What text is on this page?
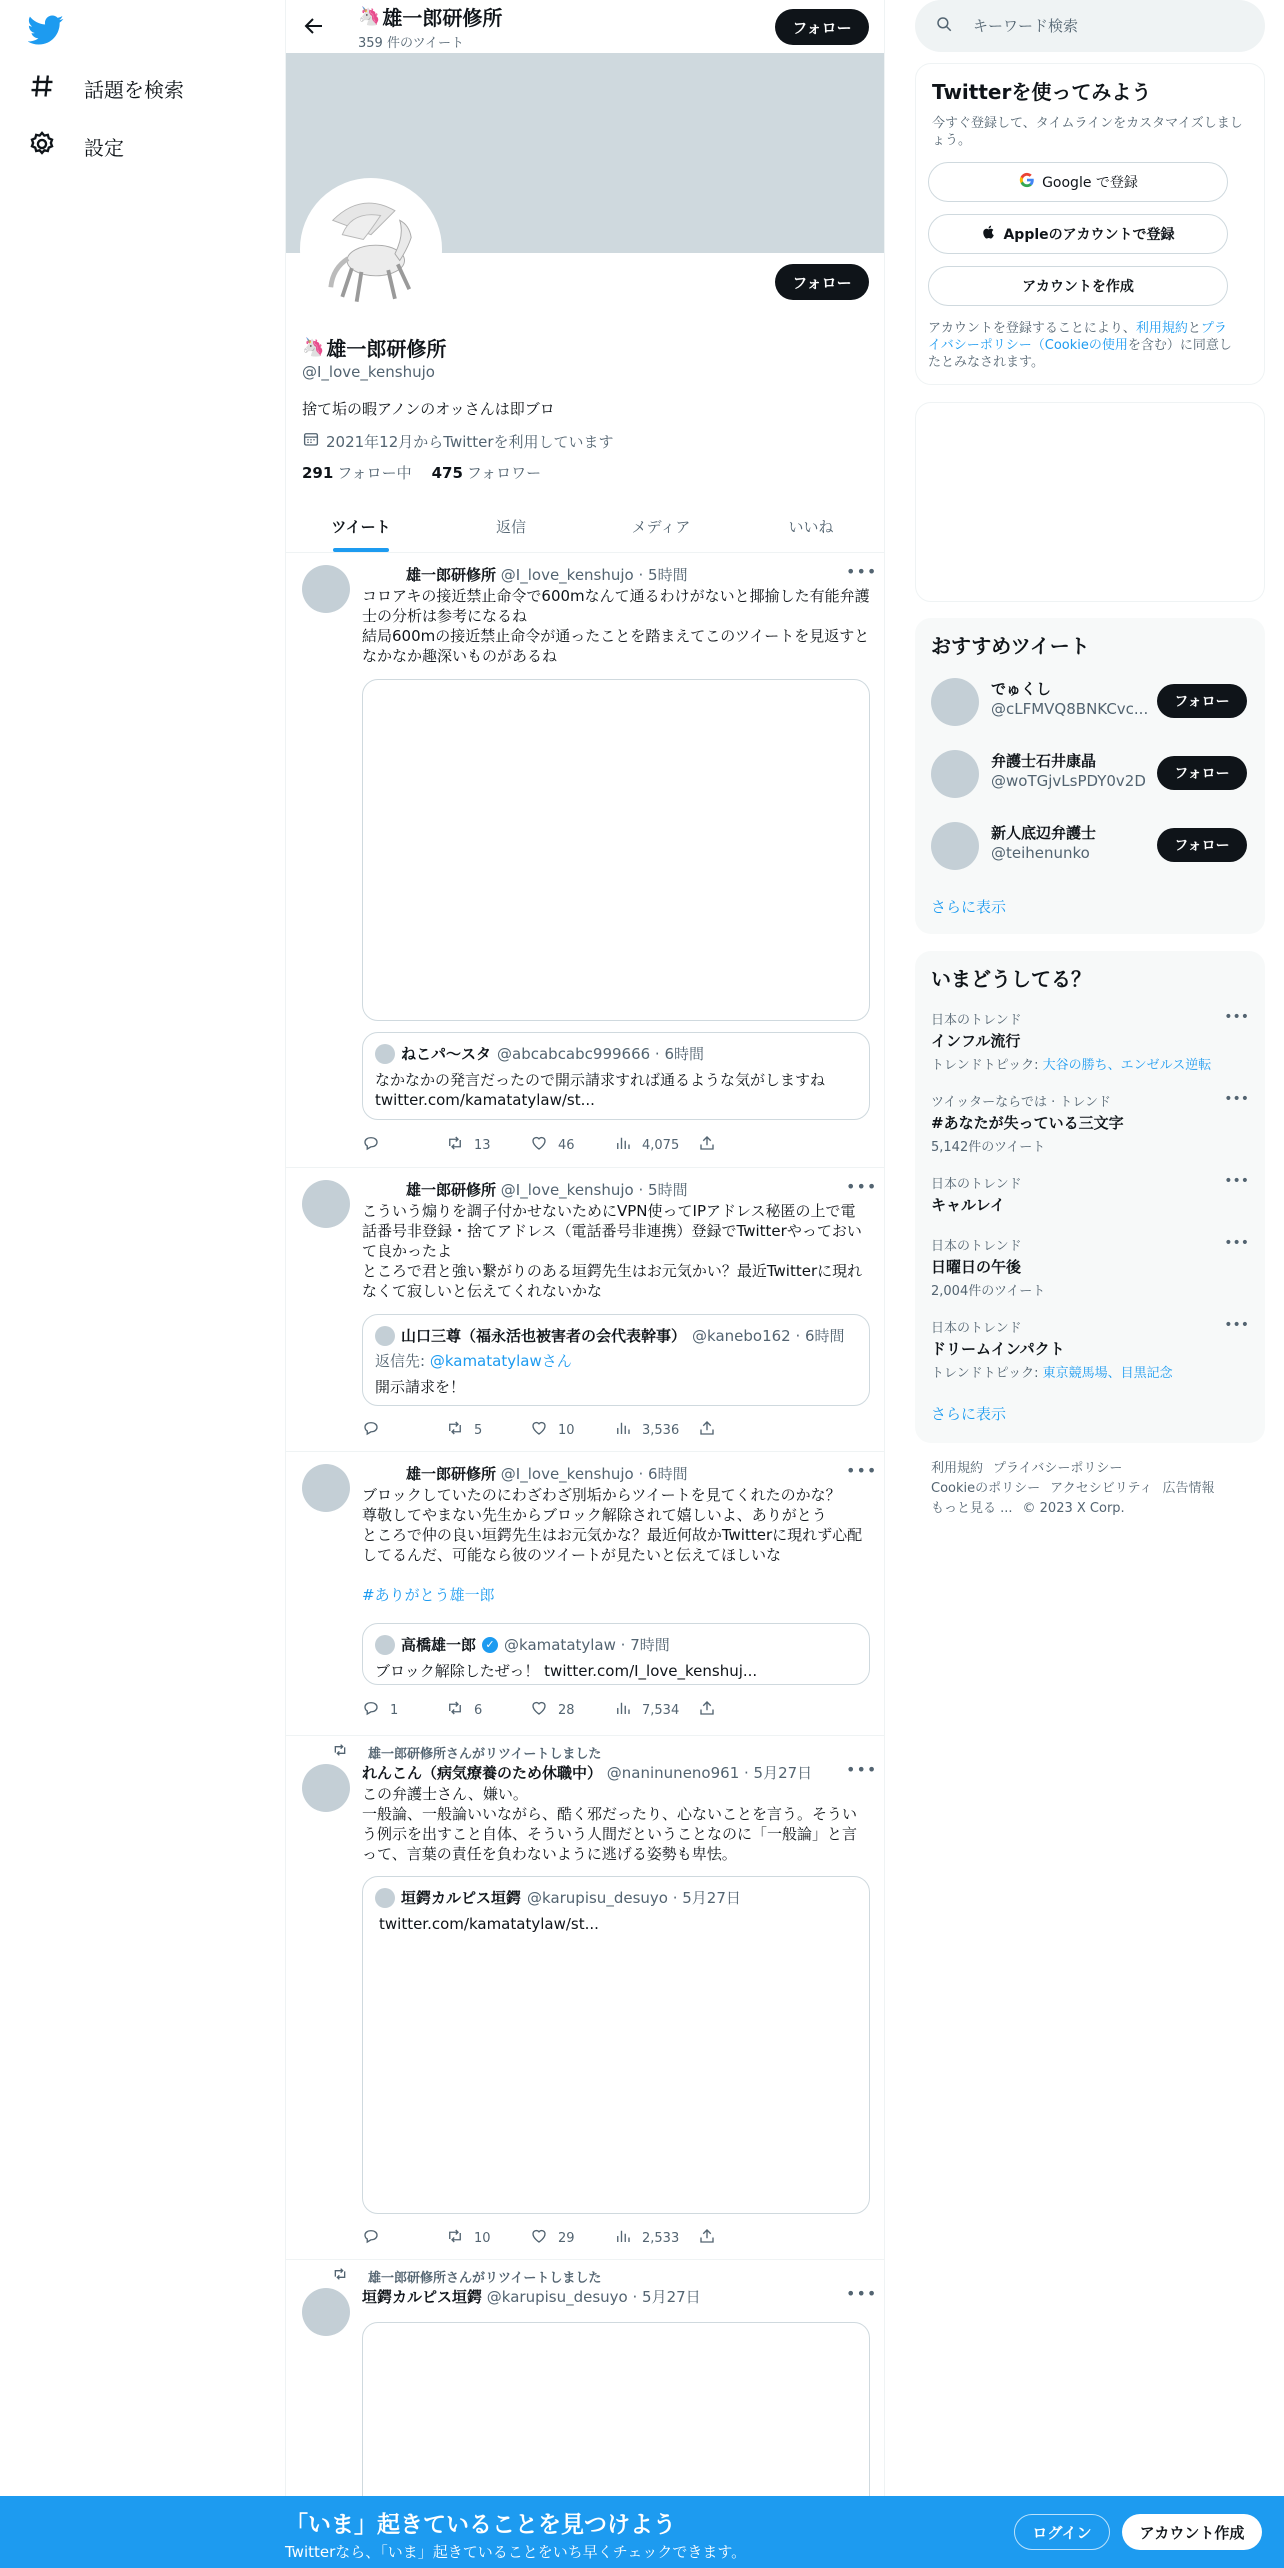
話題を検索
設定
🦄 雄一郎研修所
359 件のツイート
フォロー
フォロー
🦄 雄一郎研修所
@I_love_kenshujo
捨て垢の暇アノンのオッさんは即ブロ
2021年12月からTwitterを利用しています
291 フォロー中 475 フォロワー
ツイート	返信	メディア	いいね
雄一郎研修所 @I_love_kenshujo · 5時間	•••
コロアキの接近禁止命令で600mなんて通るわけがないと揶揄した有能弁護士の分析は参考になるね
結局600mの接近禁止命令が通ったことを踏まえてこのツイートを見返すとなかなか趣深いものがあるね
ねこパ〜スタ @abcabcabc999666 · 6時間
なかなかの発言だったので開示請求すれば通るような気がしますね
twitter.com/kamatatylaw/st...
13	46	4,075
雄一郎研修所 @I_love_kenshujo · 5時間	•••
こういう煽りを調子付かせないためにVPN使ってIPアドレス秘匿の上で電話番号非登録・捨てアドレス（電話番号非連携）登録でTwitterやっておいて良かったよ
ところで君と強い繋がりのある垣鍔先生はお元気かい？最近Twitterに現れなくて寂しいと伝えてくれないかな
山口三尊（福永活也被害者の会代表幹事） @kanebo162 · 6時間
返信先: @kamatatylawさん
開示請求を！
5	10	3,536
雄一郎研修所 @I_love_kenshujo · 6時間	•••
ブロックしていたのにわざわざ別垢からツイートを見てくれたのかな？
尊敬してやまない先生からブロック解除されて嬉しいよ、ありがとう
ところで仲の良い垣鍔先生はお元気かな？最近何故かTwitterに現れず心配してるんだ、可能なら彼のツイートが見たいと伝えてほしいな
#ありがとう雄一郎
高橋雄一郎 ✓ @kamatatylaw · 7時間
ブロック解除したぜっ！ twitter.com/I_love_kenshuj...
1	6	28	7,534
雄一郎研修所さんがリツイートしました
れんこん（病気療養のため休職中） @naninuneno961 · 5月27日 •••
この弁護士さん、嫌い。
一般論、一般論いいながら、酷く邪だったり、心ないことを言う。そういう例示を出すこと自体、そういう人間だということなのに「一般論」と言って、言葉の責任を負わないように逃げる姿勢も卑怯。
垣鍔カルピス垣鍔 @karupisu_desuyo · 5月27日
twitter.com/kamatatylaw/st...
10	29	2,533
雄一郎研修所さんがリツイートしました
垣鍔カルピス垣鍔 @karupisu_desuyo · 5月27日	•••
キーワード検索
Twitterを使ってみよう
今すぐ登録して、タイムラインをカスタマイズしましょう。
Google で登録
Appleのアカウントで登録
アカウントを作成
アカウントを登録することにより、利用規約とプライバシーポリシー（Cookieの使用を含む）に同意したとみなされます。
おすすめツイート
でゅくし
@cLFMVQ8BNKCvc...	フォロー
弁護士石井康晶
@woTGjvLsPDY0v2D	フォロー
新人底辺弁護士
@teihenunko	フォロー
さらに表示
いまどうしてる？
日本のトレンド
インフル流行
トレンドトピック: 大谷の勝ち、エンゼルス逆転
•••
ツイッターならでは · トレンド
#あなたが失っている三文字
5,142件のツイート
•••
日本のトレンド
キャルレイ
•••
日本のトレンド
日曜日の午後
2,004件のツイート
•••
日本のトレンド
ドリームインパクト
トレンドトピック: 東京競馬場、目黒記念
•••
さらに表示
利用規約 プライバシーポリシー
Cookieのポリシー アクセシビリティ 広告情報
もっと見る ... © 2023 X Corp.
「いま」起きていることを見つけよう
Twitterなら、「いま」起きていることをいち早くチェックできます。
ログイン	アカウント作成
